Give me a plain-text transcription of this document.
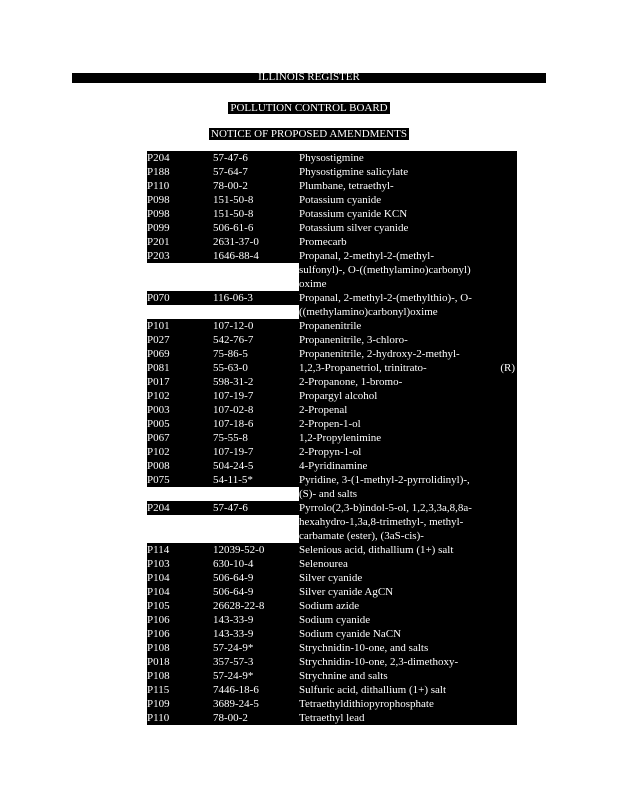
ILLINOIS REGISTER
POLLUTION CONTROL BOARD
NOTICE OF PROPOSED AMENDMENTS
P204	57-47-6	Physostigmine
P188	57-64-7	Physostigmine salicylate
P110	78-00-2	Plumbane, tetraethyl-
P098	151-50-8	Potassium cyanide
P098	151-50-8	Potassium cyanide KCN
P099	506-61-6	Potassium silver cyanide
P201	2631-37-0	Promecarb
P203	1646-88-4	Propanal, 2-methyl-2-(methyl-
sulfonyl)-, O-((methylamino)carbonyl)
oxime
P070	116-06-3	Propanal, 2-methyl-2-(methylthio)-, O-
((methylamino)carbonyl)oxime
P101	107-12-0	Propanenitrile
P027	542-76-7	Propanenitrile, 3-chloro-
P069	75-86-5	Propanenitrile, 2-hydroxy-2-methyl-
P081	55-63-0	1,2,3-Propanetriol, trinitrato-	(R)
P017	598-31-2	2-Propanone, 1-bromo-
P102	107-19-7	Propargyl alcohol
P003	107-02-8	2-Propenal
P005	107-18-6	2-Propen-1-ol
P067	75-55-8	1,2-Propylenimine
P102	107-19-7	2-Propyn-1-ol
P008	504-24-5	4-Pyridinamine
P075	54-11-5*	Pyridine, 3-(1-methyl-2-pyrrolidinyl)-,
(S)- and salts
P204	57-47-6	Pyrrolo(2,3-b)indol-5-ol, 1,2,3,3a,8,8a-
hexahydro-1,3a,8-trimethyl-, methyl-
carbamate (ester), (3aS-cis)-
P114	12039-52-0	Selenious acid, dithallium (1+) salt
P103	630-10-4	Selenourea
P104	506-64-9	Silver cyanide
P104	506-64-9	Silver cyanide AgCN
P105	26628-22-8	Sodium azide
P106	143-33-9	Sodium cyanide
P106	143-33-9	Sodium cyanide NaCN
P108	57-24-9*	Strychnidin-10-one, and salts
P018	357-57-3	Strychnidin-10-one, 2,3-dimethoxy-
P108	57-24-9*	Strychnine and salts
P115	7446-18-6	Sulfuric acid, dithallium (1+) salt
P109	3689-24-5	Tetraethyldithiopyrophosphate
P110	78-00-2	Tetraethyl lead
